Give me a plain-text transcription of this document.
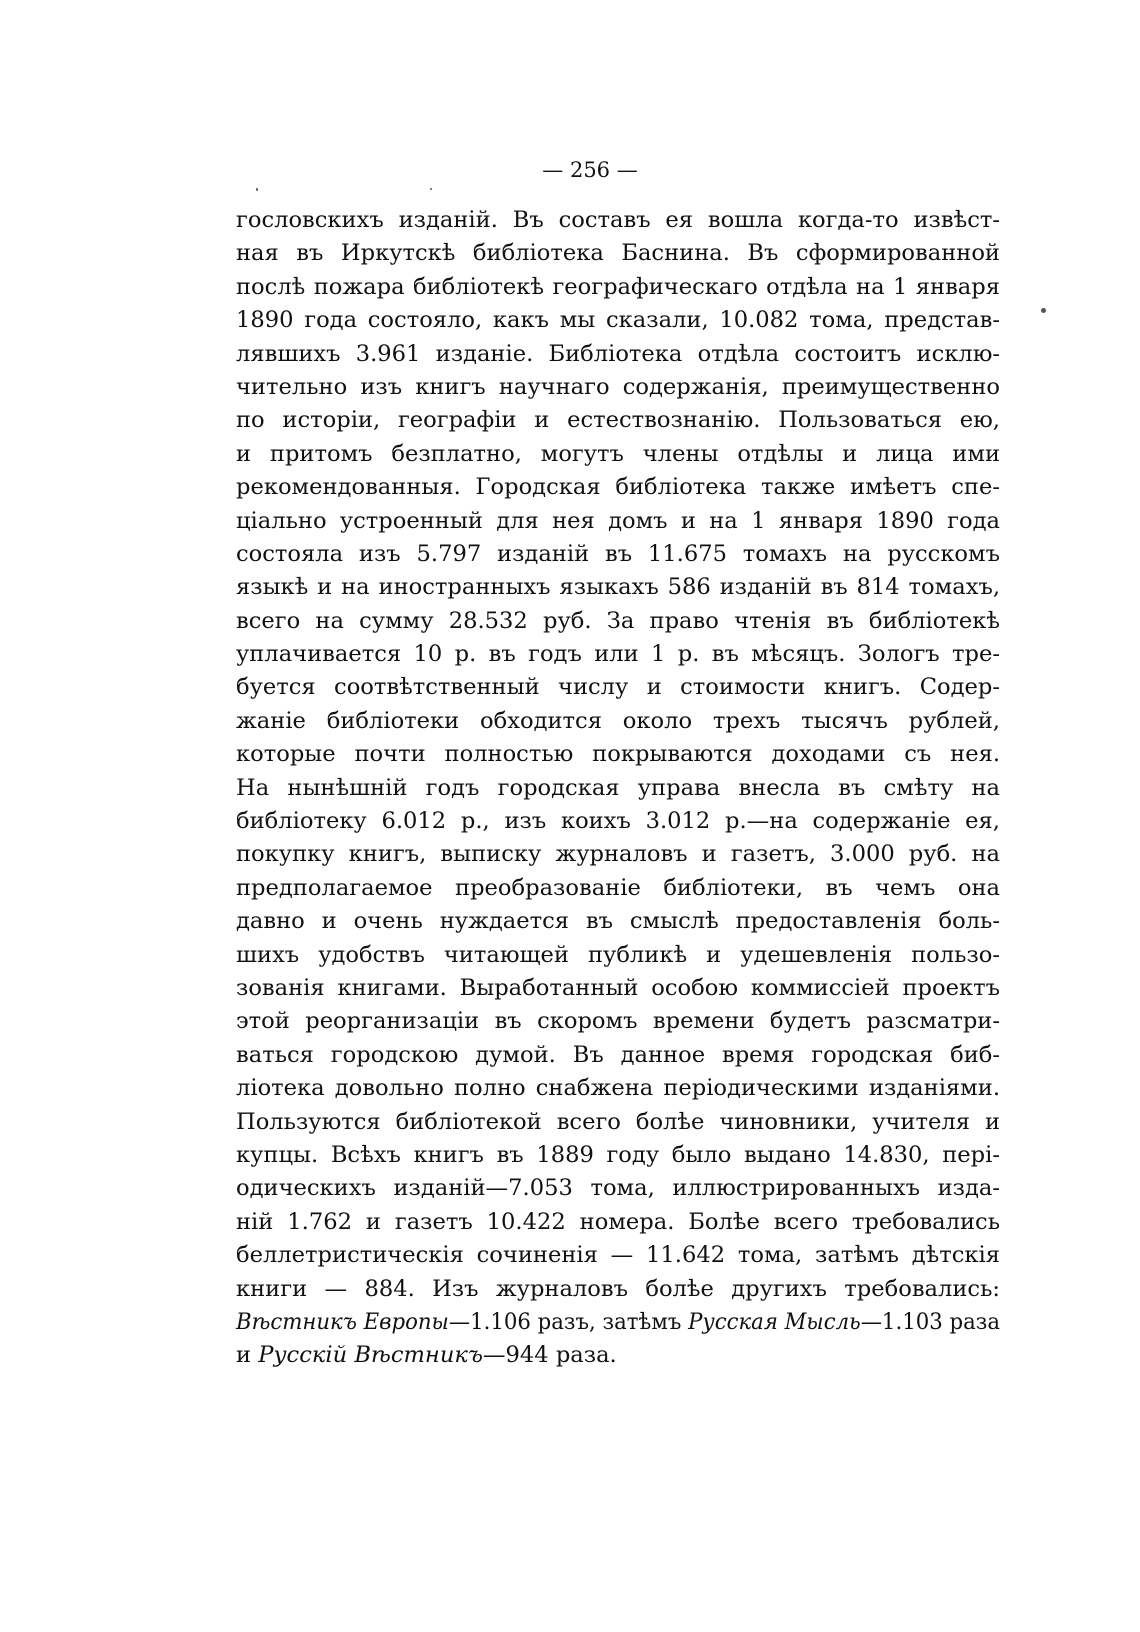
— 256 —
гословскихъ изданій. Въ составъ ея вошла когда-то извѣст-
ная въ Иркутскѣ библіотека Баснина. Въ сформированной
послѣ пожара библіотекѣ географическаго отдѣла на 1 января
1890 года состояло, какъ мы сказали, 10.082 тома, представ-
лявшихъ 3.961 изданіе. Библіотека отдѣла состоитъ исклю-
чительно изъ книгъ научнаго содержанія, преимущественно
по исторіи, географіи и естествознанію. Пользоваться ею,
и притомъ безплатно, могутъ члены отдѣлы и лица ими
рекомендованныя. Городская библіотека также имѣетъ спе-
ціально устроенный для нея домъ и на 1 января 1890 года
состояла изъ 5.797 изданій въ 11.675 томахъ на русскомъ
языкѣ и на иностранныхъ языкахъ 586 изданій въ 814 томахъ,
всего на сумму 28.532 руб. За право чтенія въ библіотекѣ
уплачивается 10 р. въ годъ или 1 р. въ мѣсяцъ. Зологъ тре-
буется соотвѣтственный числу и стоимости книгъ. Содер-
жаніе библіотеки обходится около трехъ тысячъ рублей,
которые почти полностью покрываются доходами съ нея.
На нынѣшній годъ городская управа внесла въ смѣту на
библіотеку 6.012 р., изъ коихъ 3.012 р.—на содержаніе ея,
покупку книгъ, выписку журналовъ и газетъ, 3.000 руб. на
предполагаемое преобразованіе библіотеки, въ чемъ она
давно и очень нуждается въ смыслѣ предоставленія боль-
шихъ удобствъ читающей публикѣ и удешевленія пользо-
зованія книгами. Выработанный особою коммиссіей проектъ
этой реорганизаціи въ скоромъ времени будетъ разсматри-
ваться городскою думой. Въ данное время городская биб-
ліотека довольно полно снабжена періодическими изданіями.
Пользуются библіотекой всего болѣе чиновники, учителя и
купцы. Всѣхъ книгъ въ 1889 году было выдано 14.830, пері-
одическихъ изданій—7.053 тома, иллюстрированныхъ изда-
ній 1.762 и газетъ 10.422 номера. Болѣе всего требовались
беллетристическія сочиненія — 11.642 тома, затѣмъ дѣтскія
книги — 884. Изъ журналовъ болѣе другихъ требовались:
Вѣстникъ Европы—1.106 разъ, затѣмъ Русская Мысль—1.103 раза
и Русскій Вѣстникъ—944 раза.
